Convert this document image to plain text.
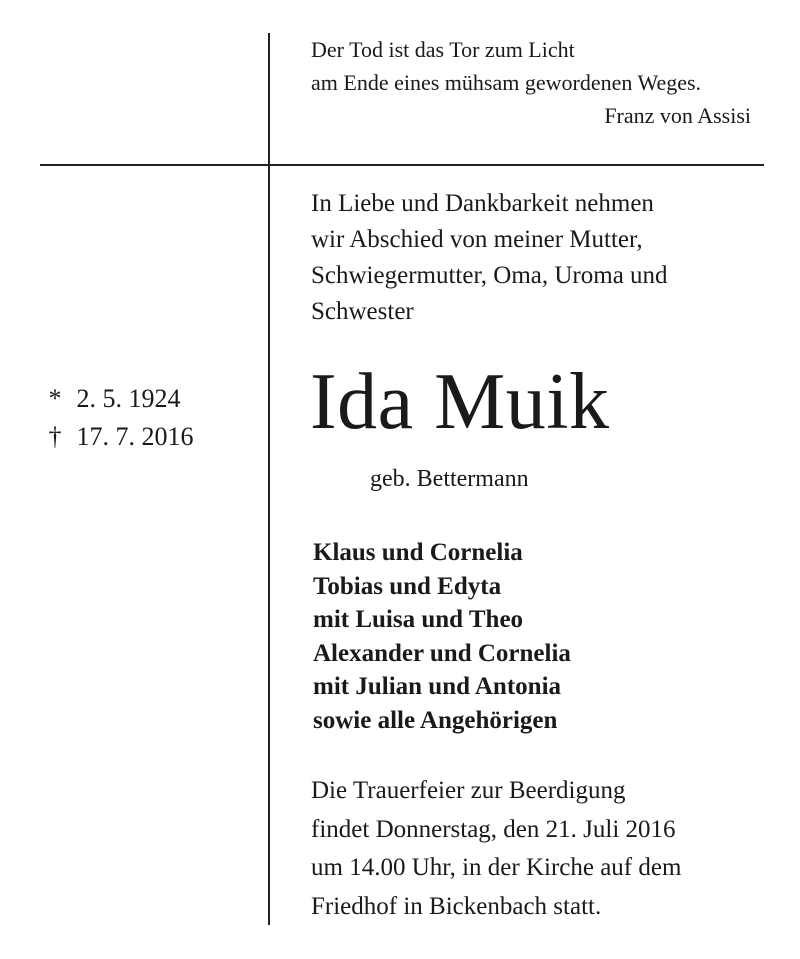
Der Tod ist das Tor zum Licht
am Ende eines mühsam gewordenen Weges.
Franz von Assisi
In Liebe und Dankbarkeit nehmen
wir Abschied von meiner Mutter,
Schwiegermutter, Oma, Uroma und
Schwester
* 2. 5. 1924
† 17. 7. 2016	Ida Muik
geb. Bettermann
Klaus und Cornelia
Tobias und Edyta
mit Luisa und Theo
Alexander und Cornelia
mit Julian und Antonia
sowie alle Angehörigen
Die Trauerfeier zur Beerdigung
findet Donnerstag, den 21. Juli 2016
um 14.00 Uhr, in der Kirche auf dem
Friedhof in Bickenbach statt.
